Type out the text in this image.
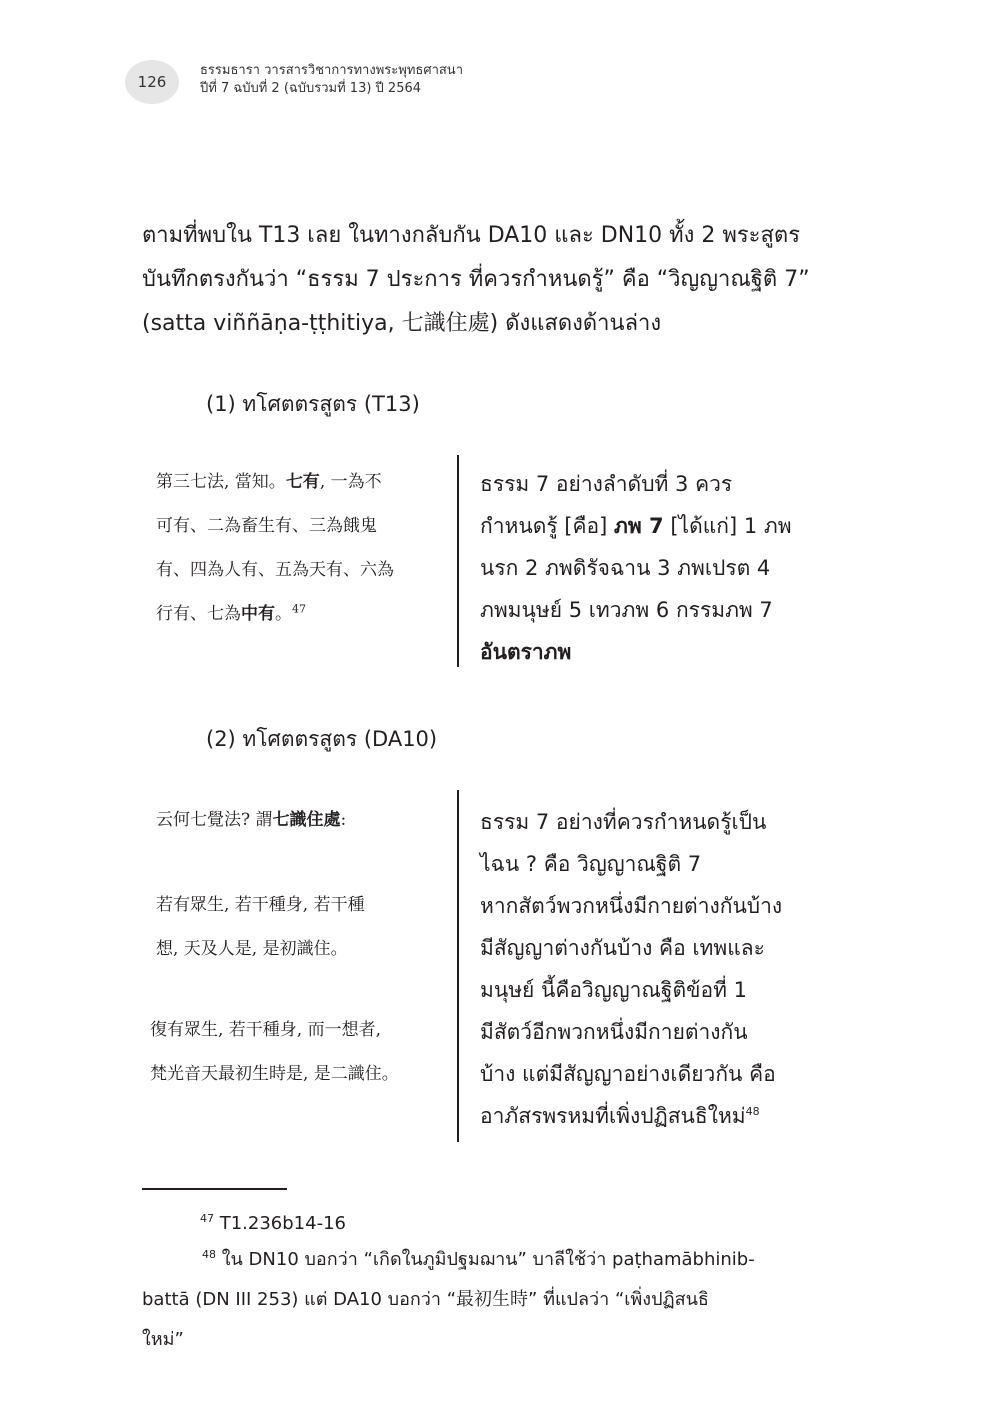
126
ธรรมธารา วารสารวิชาการทางพระพุทธศาสนา
ปีที่ 7 ฉบับที่ 2 (ฉบับรวมที่ 13) ปี 2564
ตามที่พบใน T13 เลย ในทางกลับกัน DA10 และ DN10 ทั้ง 2 พระสูตร
บันทึกตรงกันว่า “ธรรม 7 ประการ ที่ควรกำหนดรู้” คือ “วิญญาณฐิติ 7”
(satta viññāṇa-ṭṭhitiya, 七識住處) ดังแสดงด้านล่าง
(1) ทโศตตรสูตร (T13)
第三七法, 當知。七有, 一為不
可有、二為畜生有、三為餓鬼
有、四為人有、五為天有、六為
行有、七為中有。$^{47}$
ธรรม 7 อย่างลำดับที่ 3 ควร
กำหนดรู้ [คือ] ภพ 7 [ได้แก่] 1 ภพ
นรก 2 ภพดิรัจฉาน 3 ภพเปรต 4
ภพมนุษย์ 5 เทวภพ 6 กรรมภพ 7
อันตราภพ
(2) ทโศตตรสูตร (DA10)
云何七覺法? 謂七識住處:
若有眾生, 若干種身, 若干種
想, 天及人是, 是初識住。
復有眾生, 若干種身, 而一想者,
梵光音天最初生時是, 是二識住。
ธรรม 7 อย่างที่ควรกำหนดรู้เป็น
ไฉน ? คือ วิญญาณฐิติ 7
หากสัตว์พวกหนึ่งมีกายต่างกันบ้าง
มีสัญญาต่างกันบ้าง คือ เทพและ
มนุษย์ นี้คือวิญญาณฐิติข้อที่ 1
มีสัตว์อีกพวกหนึ่งมีกายต่างกัน
บ้าง แต่มีสัญญาอย่างเดียวกัน คือ
อาภัสรพรหมที่เพิ่งปฏิสนธิใหม่$^{48}$
$^{47}$ T1.236b14-16
$^{48}$ ใน DN10 บอกว่า “เกิดในภูมิปฐมฌาน” บาลีใช้ว่า paṭhamābhinib-
battā (DN III 253) แต่ DA10 บอกว่า “最初生時” ที่แปลว่า “เพิ่งปฏิสนธิ
ใหม่”
